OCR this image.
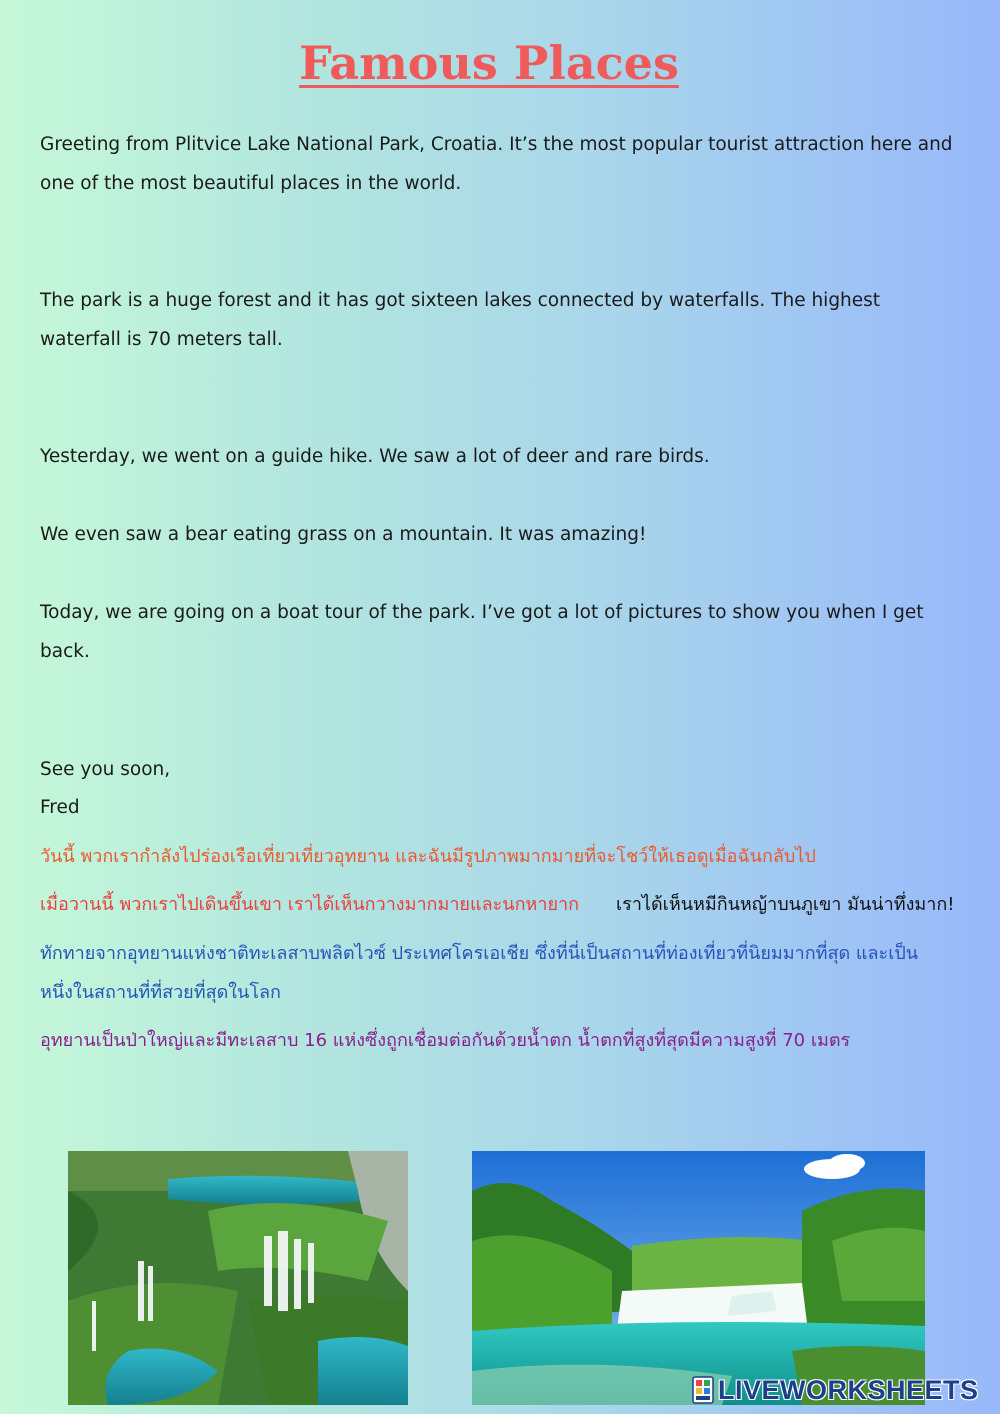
Famous Places

Greeting from Plitvice Lake National Park, Croatia. It’s the most popular tourist attraction here and one of the most beautiful places in the world.

The park is a huge forest and it has got sixteen lakes connected by waterfalls. The highest waterfall is 70 meters tall.

Yesterday, we went on a guide hike. We saw a lot of deer and rare birds.

We even saw a bear eating grass on a mountain. It was amazing!

Today, we are going on a boat tour of the park. I’ve got a lot of pictures to show you when I get back.

See you soon,

Fred

วันนี้ พวกเรากำลังไปร่องเรือเที่ยวเที่ยวอุทยาน และฉันมีรูปภาพมากมายที่จะโชว์ให้เธอดูเมื่อฉันกลับไป

เมื่อวานนี้ พวกเราไปเดินขึ้นเขา เราได้เห็นกวางมากมายและนกหายาก เราได้เห็นหมีกินหญ้าบนภูเขา มันน่าทึ่งมาก!

ทักทายจากอุทยานแห่งชาติทะเลสาบพลิตไวซ์ ประเทศโครเอเชีย ซึ่งที่นี่เป็นสถานที่ท่องเที่ยวที่นิยมมากที่สุด และเป็นหนึ่งในสถานที่ที่สวยที่สุดในโลก

อุทยานเป็นป่าใหญ่และมีทะเลสาบ 16 แห่งซึ่งถูกเชื่อมต่อกันด้วยน้ำตก น้ำตกที่สูงที่สุดมีความสูงที่ 70 เมตร

LIVEWORKSHEETS
